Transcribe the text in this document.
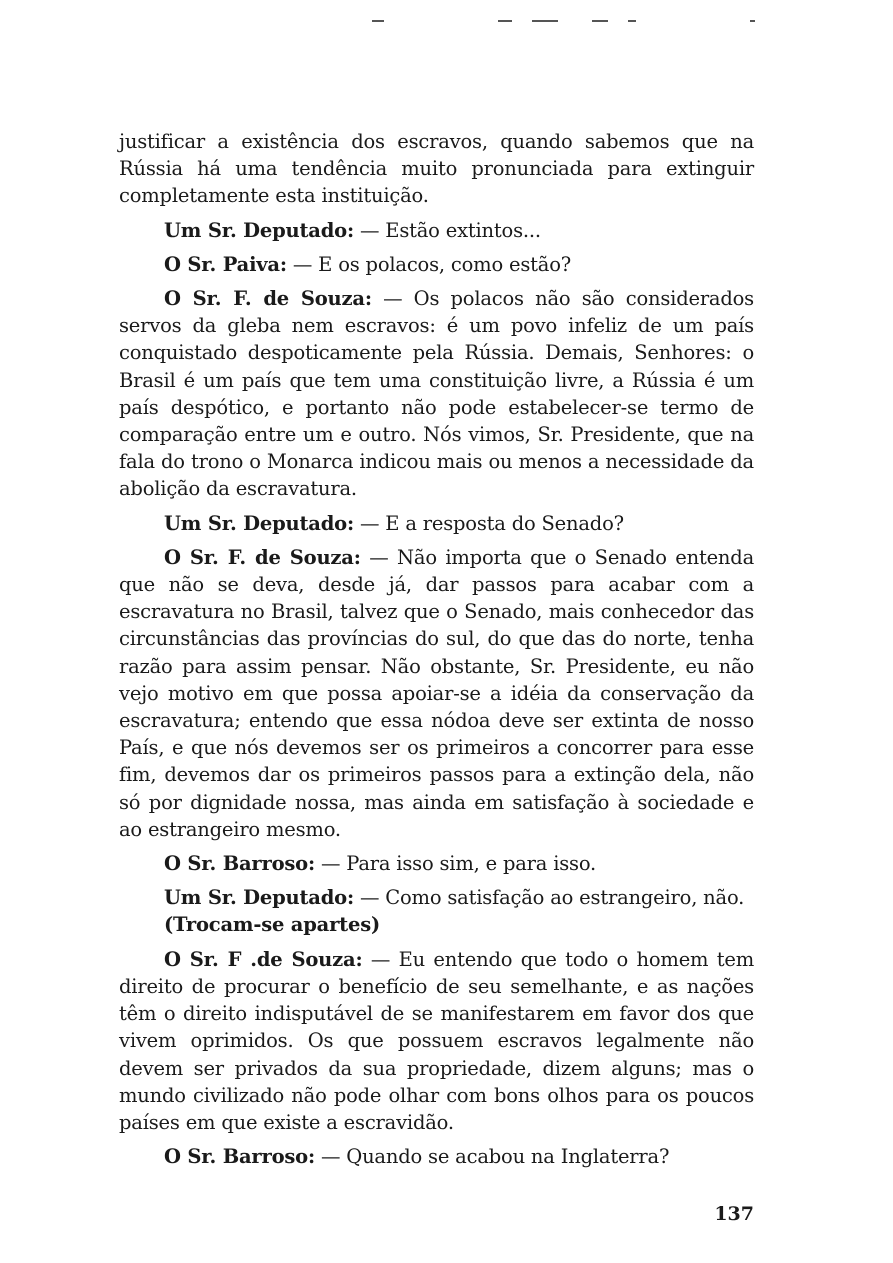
justificar a existência dos escravos, quando sabemos que na Rússia há uma tendência muito pronunciada para extinguir completamente esta instituição.

Um Sr. Deputado: — Estão extintos...

O Sr. Paiva: — E os polacos, como estão?

O Sr. F. de Souza: — Os polacos não são considerados servos da gleba nem escravos: é um povo infeliz de um país conquistado despoticamente pela Rússia. Demais, Senhores: o Brasil é um país que tem uma constituição livre, a Rússia é um país despótico, e portanto não pode estabelecer-se termo de comparação entre um e outro. Nós vimos, Sr. Presidente, que na fala do trono o Monarca indicou mais ou menos a necessidade da abolição da escravatura.

Um Sr. Deputado: — E a resposta do Senado?

O Sr. F. de Souza: — Não importa que o Senado entenda que não se deva, desde já, dar passos para acabar com a escravatura no Brasil, talvez que o Senado, mais conhecedor das circunstâncias das províncias do sul, do que das do norte, tenha razão para assim pensar. Não obstante, Sr. Presidente, eu não vejo motivo em que possa apoiar-se a idéia da conservação da escravatura; entendo que essa nódoa deve ser extinta de nosso País, e que nós devemos ser os primeiros a concorrer para esse fim, devemos dar os primeiros passos para a extinção dela, não só por dignidade nossa, mas ainda em satisfação à sociedade e ao estrangeiro mesmo.

O Sr. Barroso: — Para isso sim, e para isso.

Um Sr. Deputado: — Como satisfação ao estrangeiro, não.

(Trocam-se apartes)

O Sr. F .de Souza: — Eu entendo que todo o homem tem direito de procurar o benefício de seu semelhante, e as nações têm o direito indisputável de se manifestarem em favor dos que vivem oprimidos. Os que possuem escravos legalmente não devem ser privados da sua propriedade, dizem alguns; mas o mundo civilizado não pode olhar com bons olhos para os poucos países em que existe a escravidão.

O Sr. Barroso: — Quando se acabou na Inglaterra?

137
